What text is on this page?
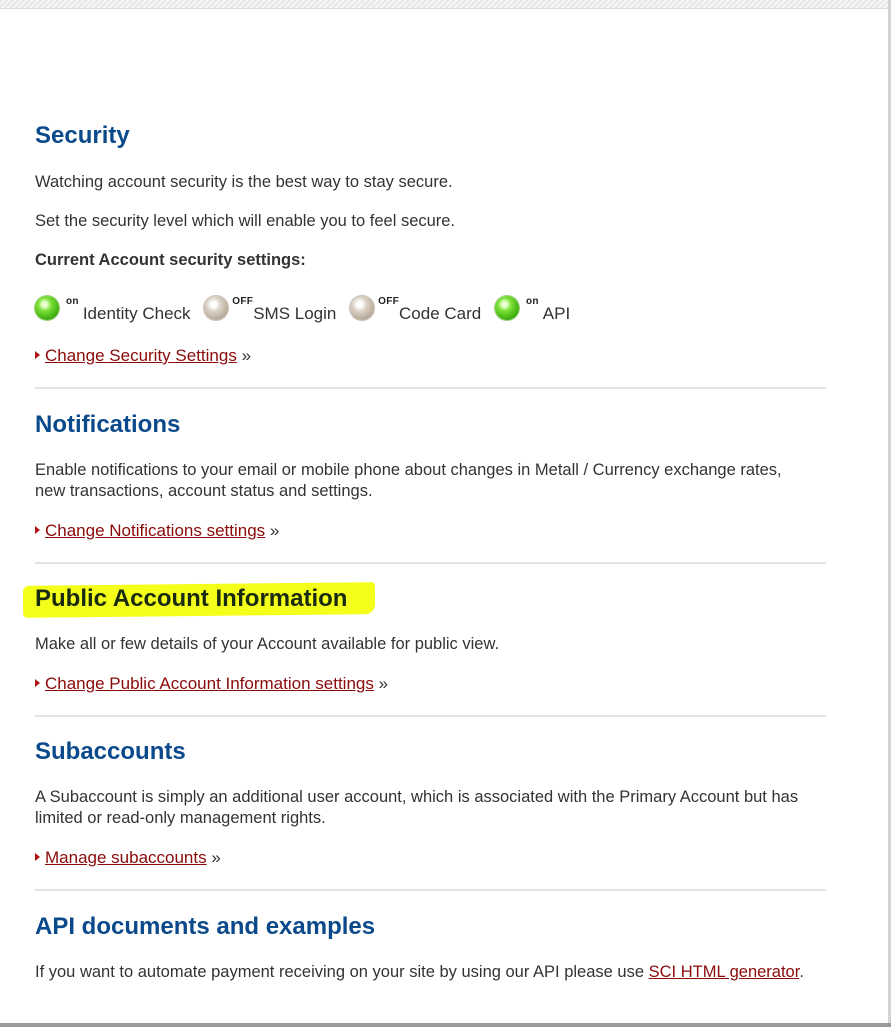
Security

Watching account security is the best way to stay secure.

Set the security level which will enable you to feel secure.

Current Account security settings:

$^{on}$Identity Check $^{OFF}$SMS Login $^{OFF}$Code Card $^{on}$API
Change Security Settings »
Notifications

Enable notifications to your email or mobile phone about changes in Metall / Currency exchange rates, new transactions, account status and settings.

Change Notifications settings »
Public Account Information

Make all or few details of your Account available for public view.

Change Public Account Information settings »
Subaccounts

A Subaccount is simply an additional user account, which is associated with the Primary Account but has limited or read-only management rights.

Manage subaccounts »
API documents and examples

If you want to automate payment receiving on your site by using our API please use SCI HTML generator.
